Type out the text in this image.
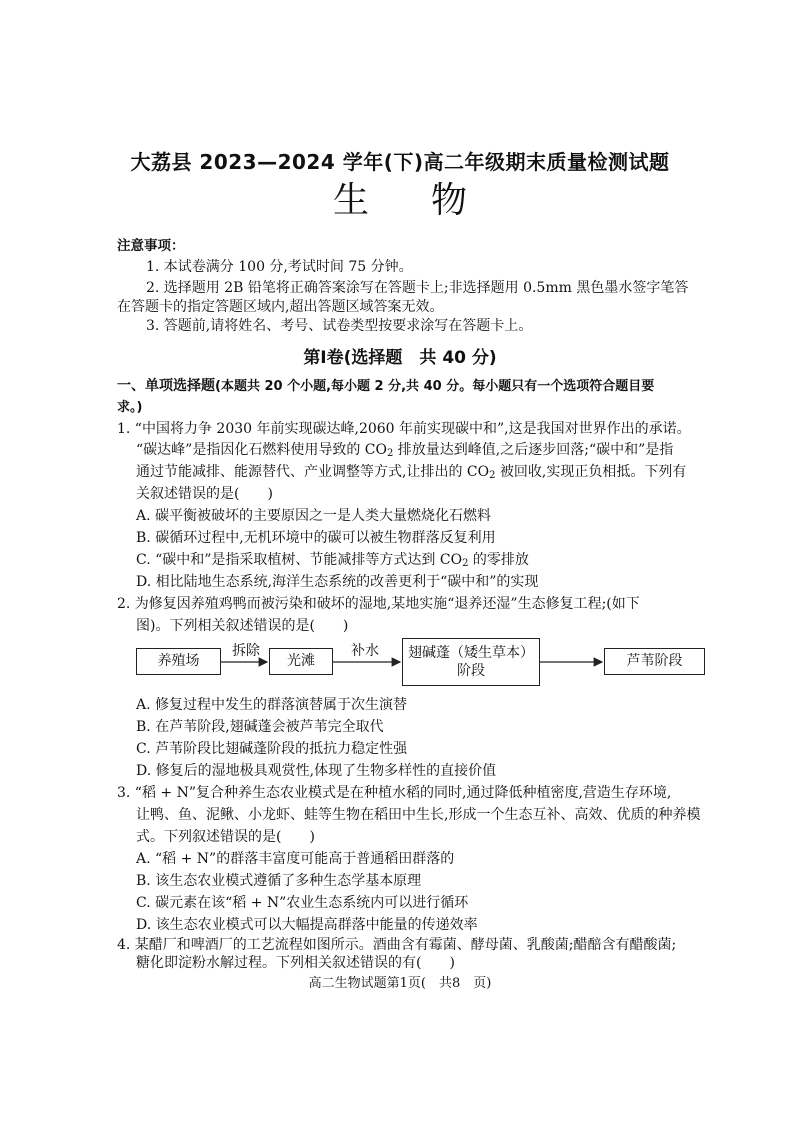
大荔县 2023—2024 学年(下)高二年级期末质量检测试题
生物
注意事项：
1. 本试卷满分 100 分,考试时间 75 分钟。
2. 选择题用 2B 铅笔将正确答案涂写在答题卡上;非选择题用 0.5mm 黑色墨水签字笔答
在答题卡的指定答题区域内,超出答题区域答案无效。
3. 答题前,请将姓名、考号、试卷类型按要求涂写在答题卡上。
第Ⅰ卷(选择题　共 40 分)
一、单项选择题(本题共 20 个小题,每小题 2 分,共 40 分。每小题只有一个选项符合题目要
求。)
1. “中国将力争 2030 年前实现碳达峰,2060 年前实现碳中和”,这是我国对世界作出的承诺。
“碳达峰”是指因化石燃料使用导致的 $CO_2$ 排放量达到峰值,之后逐步回落;“碳中和”是指
通过节能减排、能源替代、产业调整等方式,让排出的 $CO_2$ 被回收,实现正负相抵。下列有
关叙述错误的是(　　)
A. 碳平衡被破坏的主要原因之一是人类大量燃烧化石燃料
B. 碳循环过程中,无机环境中的碳可以被生物群落反复利用
C. “碳中和”是指采取植树、节能减排等方式达到 $CO_2$ 的零排放
D. 相比陆地生态系统,海洋生态系统的改善更利于“碳中和”的实现
2. 为修复因养殖鸡鸭而被污染和破坏的湿地,某地实施“退养还湿”生态修复工程;(如下
图)。下列相关叙述错误的是(　　)
养殖场
拆除
光滩
补水	翅碱蓬（矮生草本）
阶段
芦苇阶段
A. 修复过程中发生的群落演替属于次生演替
B. 在芦苇阶段,翅碱蓬会被芦苇完全取代
C. 芦苇阶段比翅碱蓬阶段的抵抗力稳定性强
D. 修复后的湿地极具观赏性,体现了生物多样性的直接价值
3. “稻 + N”复合种养生态农业模式是在种植水稻的同时,通过降低种植密度,营造生存环境,
让鸭、鱼、泥鳅、小龙虾、蛙等生物在稻田中生长,形成一个生态互补、高效、优质的种养模
式。下列叙述错误的是(　　)
A. “稻 + N”的群落丰富度可能高于普通稻田群落的
B. 该生态农业模式遵循了多种生态学基本原理
C. 碳元素在该“稻 + N”农业生态系统内可以进行循环
D. 该生态农业模式可以大幅提高群落中能量的传递效率
4. 某醋厂和啤酒厂的工艺流程如图所示。酒曲含有霉菌、酵母菌、乳酸菌;醋醅含有醋酸菌;
糖化即淀粉水解过程。下列相关叙述错误的有(　　)
高二生物试题第1页(　共8　页)
